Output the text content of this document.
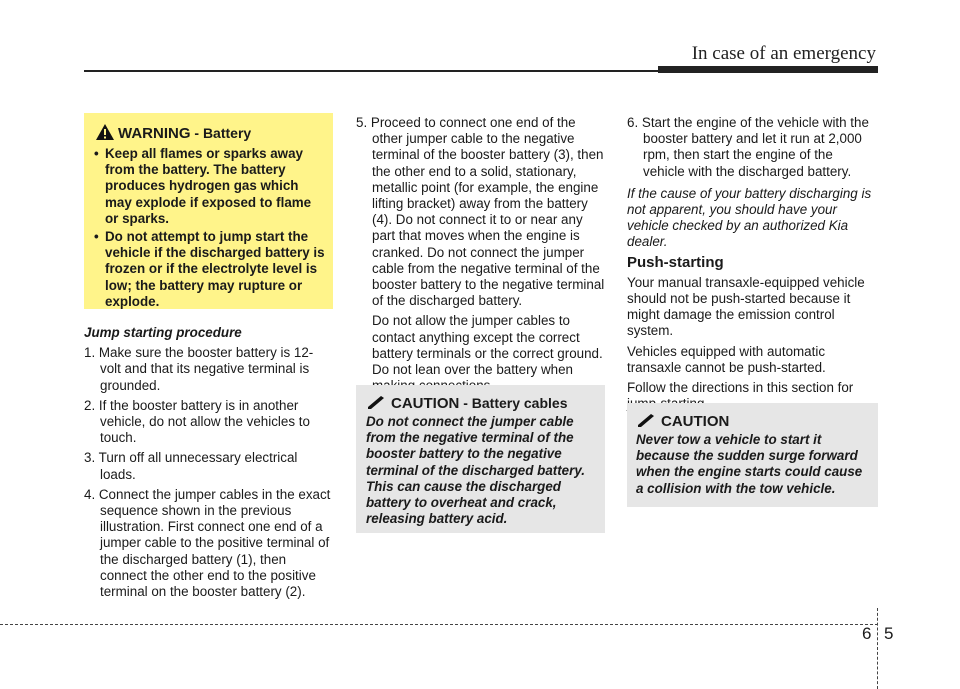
In case of an emergency
WARNING - Battery

• Keep all flames or sparks away from the battery. The battery produces hydrogen gas which may explode if exposed to flame or sparks.

• Do not attempt to jump start the vehicle if the discharged battery is frozen or if the electrolyte level is low; the battery may rupture or explode.

Jump starting procedure

1. Make sure the booster battery is 12-volt and that its negative terminal is grounded.

2. If the booster battery is in another vehicle, do not allow the vehicles to touch.

3. Turn off all unnecessary electrical loads.

4. Connect the jumper cables in the exact sequence shown in the previous illustration. First connect one end of a jumper cable to the positive terminal of the discharged battery (1), then connect the other end to the positive terminal on the booster battery (2).

5. Proceed to connect one end of the other jumper cable to the negative terminal of the booster battery (3), then the other end to a solid, stationary, metallic point (for example, the engine lifting bracket) away from the battery (4). Do not connect it to or near any part that moves when the engine is cranked. Do not connect the jumper cable from the negative terminal of the booster battery to the negative terminal of the discharged battery.

Do not allow the jumper cables to contact anything except the correct battery terminals or the correct ground. Do not lean over the battery when

CAUTION - Battery cables
Do not connect the jumper cable from the negative terminal of the booster battery to the negative terminal of the discharged battery. This can cause the discharged battery to overheat and crack, releasing battery acid.

6. Start the engine of the vehicle with the booster battery and let it run at 2,000 rpm, then start the engine of the vehicle with the discharged battery.

If the cause of your battery discharging is not apparent, you should have your vehicle checked by an authorized Kia dealer.

Push-starting

Your manual transaxle-equipped vehicle should not be push-started because it might damage the emission control system.

Vehicles equipped with automatic transaxle cannot be push-started.

Follow the directions in this section for

CAUTION
Never tow a vehicle to start it because the sudden surge forward when the engine starts could cause a collision with the tow vehicle.
6 5
